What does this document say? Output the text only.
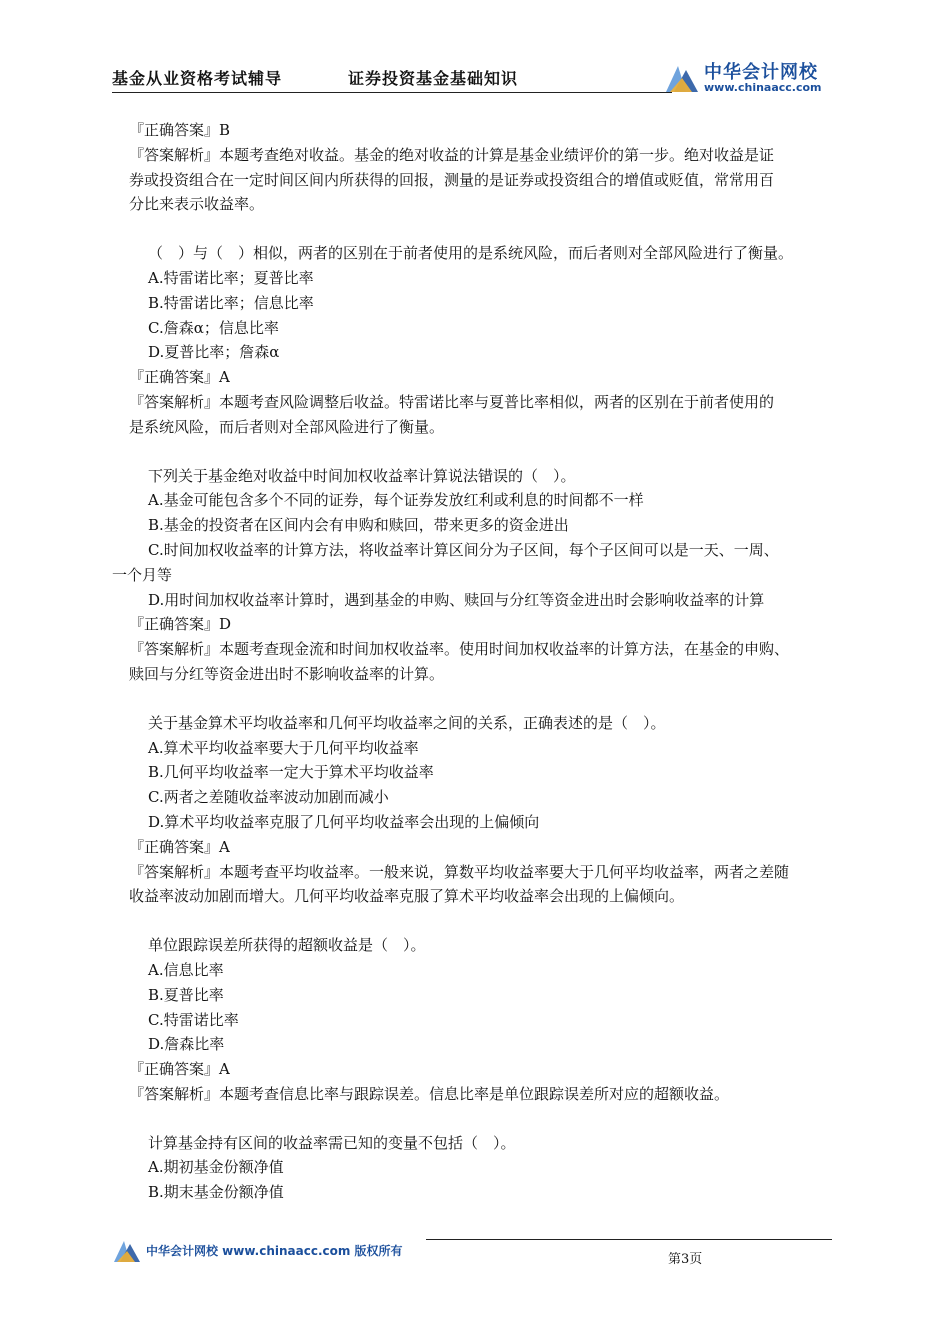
基金从业资格考试辅导	证券投资基金基础知识	中华会计网校
www.chinaacc.com

『正确答案』B

『答案解析』本题考查绝对收益。基金的绝对收益的计算是基金业绩评价的第一步。绝对收益是证

券或投资组合在一定时间区间内所获得的回报，测量的是证券或投资组合的增值或贬值，常常用百

分比来表示收益率。

（　）与（　）相似，两者的区别在于前者使用的是系统风险，而后者则对全部风险进行了衡量。

A.特雷诺比率；夏普比率

B.特雷诺比率；信息比率

C.詹森α；信息比率

D.夏普比率；詹森α

『正确答案』A

『答案解析』本题考查风险调整后收益。特雷诺比率与夏普比率相似，两者的区别在于前者使用的

是系统风险，而后者则对全部风险进行了衡量。

下列关于基金绝对收益中时间加权收益率计算说法错误的（　）。

A.基金可能包含多个不同的证券，每个证券发放红利或利息的时间都不一样

B.基金的投资者在区间内会有申购和赎回，带来更多的资金进出

C.时间加权收益率的计算方法，将收益率计算区间分为子区间，每个子区间可以是一天、一周、

一个月等

D.用时间加权收益率计算时，遇到基金的申购、赎回与分红等资金进出时会影响收益率的计算

『正确答案』D

『答案解析』本题考查现金流和时间加权收益率。使用时间加权收益率的计算方法，在基金的申购、

赎回与分红等资金进出时不影响收益率的计算。

关于基金算术平均收益率和几何平均收益率之间的关系，正确表述的是（　）。

A.算术平均收益率要大于几何平均收益率

B.几何平均收益率一定大于算术平均收益率

C.两者之差随收益率波动加剧而减小

D.算术平均收益率克服了几何平均收益率会出现的上偏倾向

『正确答案』A

『答案解析』本题考查平均收益率。一般来说，算数平均收益率要大于几何平均收益率，两者之差随

收益率波动加剧而增大。几何平均收益率克服了算术平均收益率会出现的上偏倾向。

单位跟踪误差所获得的超额收益是（　）。

A.信息比率

B.夏普比率

C.特雷诺比率

D.詹森比率

『正确答案』A

『答案解析』本题考查信息比率与跟踪误差。信息比率是单位跟踪误差所对应的超额收益。

计算基金持有区间的收益率需已知的变量不包括（　）。

A.期初基金份额净值

B.期末基金份额净值

中华会计网校 www.chinaacc.com 版权所有
第3页
